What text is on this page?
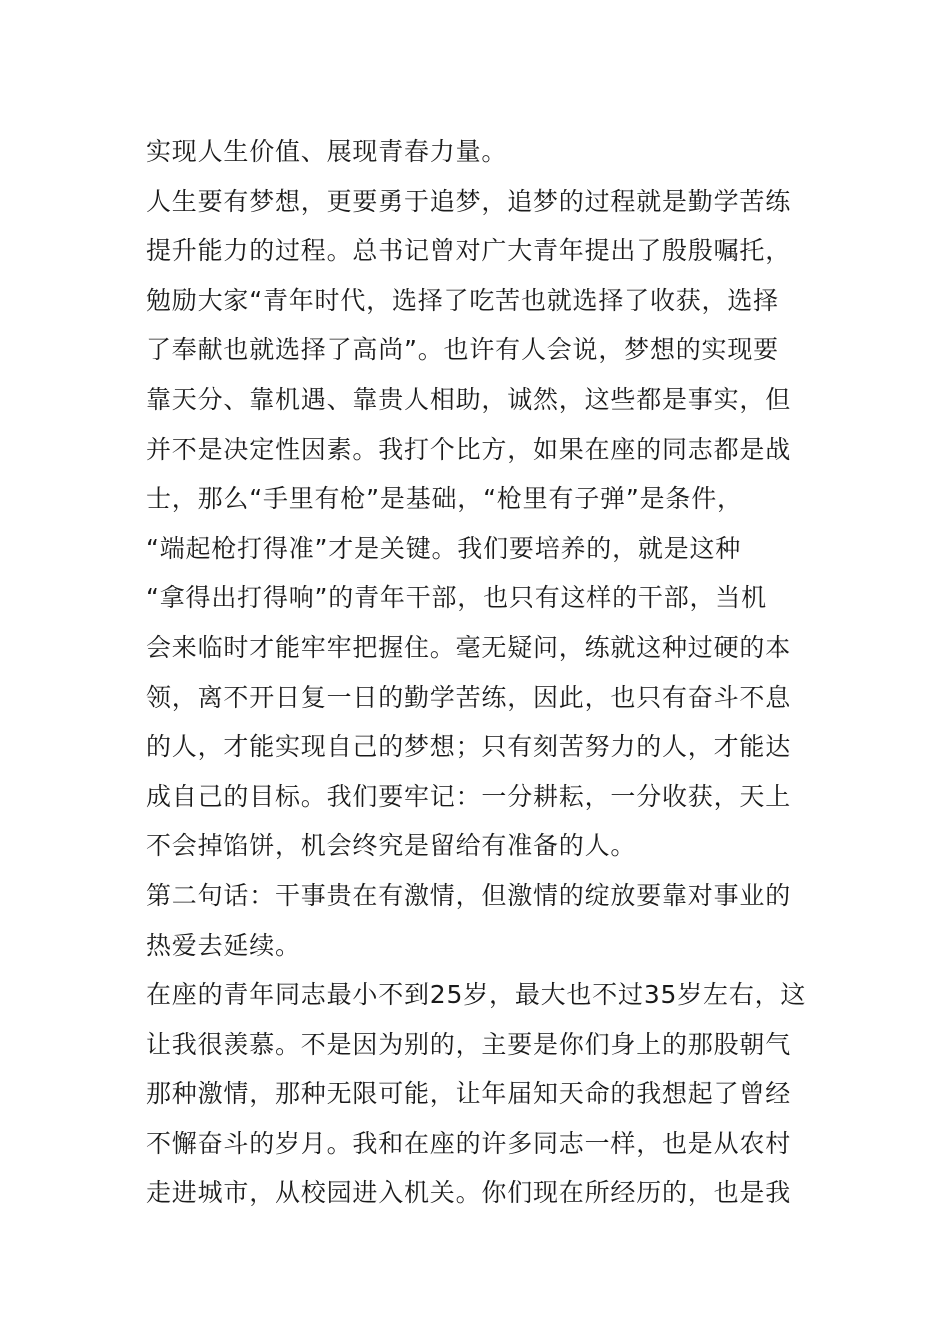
实现人生价值、展现青春力量。
人生要有梦想，更要勇于追梦，追梦的过程就是勤学苦练
提升能力的过程。总书记曾对广大青年提出了殷殷嘱托，
勉励大家“青年时代，选择了吃苦也就选择了收获，选择
了奉献也就选择了高尚”。也许有人会说，梦想的实现要
靠天分、靠机遇、靠贵人相助，诚然，这些都是事实，但
并不是决定性因素。我打个比方，如果在座的同志都是战
士，那么“手里有枪”是基础，“枪里有子弹”是条件，
“端起枪打得准”才是关键。我们要培养的，就是这种
“拿得出打得响”的青年干部，也只有这样的干部，当机
会来临时才能牢牢把握住。毫无疑问，练就这种过硬的本
领，离不开日复一日的勤学苦练，因此，也只有奋斗不息
的人，才能实现自己的梦想；只有刻苦努力的人，才能达
成自己的目标。我们要牢记：一分耕耘，一分收获，天上
不会掉馅饼，机会终究是留给有准备的人。
第二句话：干事贵在有激情，但激情的绽放要靠对事业的
热爱去延续。
在座的青年同志最小不到25岁，最大也不过35岁左右，这
让我很羡慕。不是因为别的，主要是你们身上的那股朝气
那种激情，那种无限可能，让年届知天命的我想起了曾经
不懈奋斗的岁月。我和在座的许多同志一样，也是从农村
走进城市，从校园进入机关。你们现在所经历的，也是我
